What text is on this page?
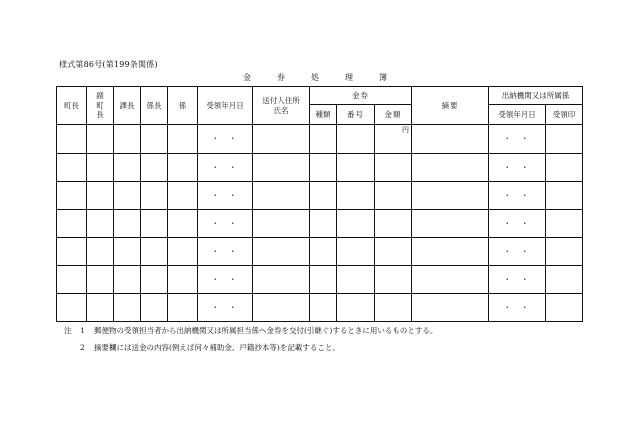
様式第86号(第199条関係)
金	券	処	理	簿
町長	副町長	課長	係長	係	受領年月日	送付人住所氏名	金券			摘要	出納機関又は所属係	
							種類	番号	金額		受領年月日	受領印
					・・				円		・・	
					・・						・・	
					・・						・・	
					・・						・・	
					・・						・・	
					・・						・・	
					・・						・・	
注	1	郵便物の受領担当者から出納機関又は所属担当係へ金券を交付(引継ぐ)するときに用いるものとする。
2	摘要欄には送金の内容(例えば何々補助金、戸籍抄本等)を記載すること。
